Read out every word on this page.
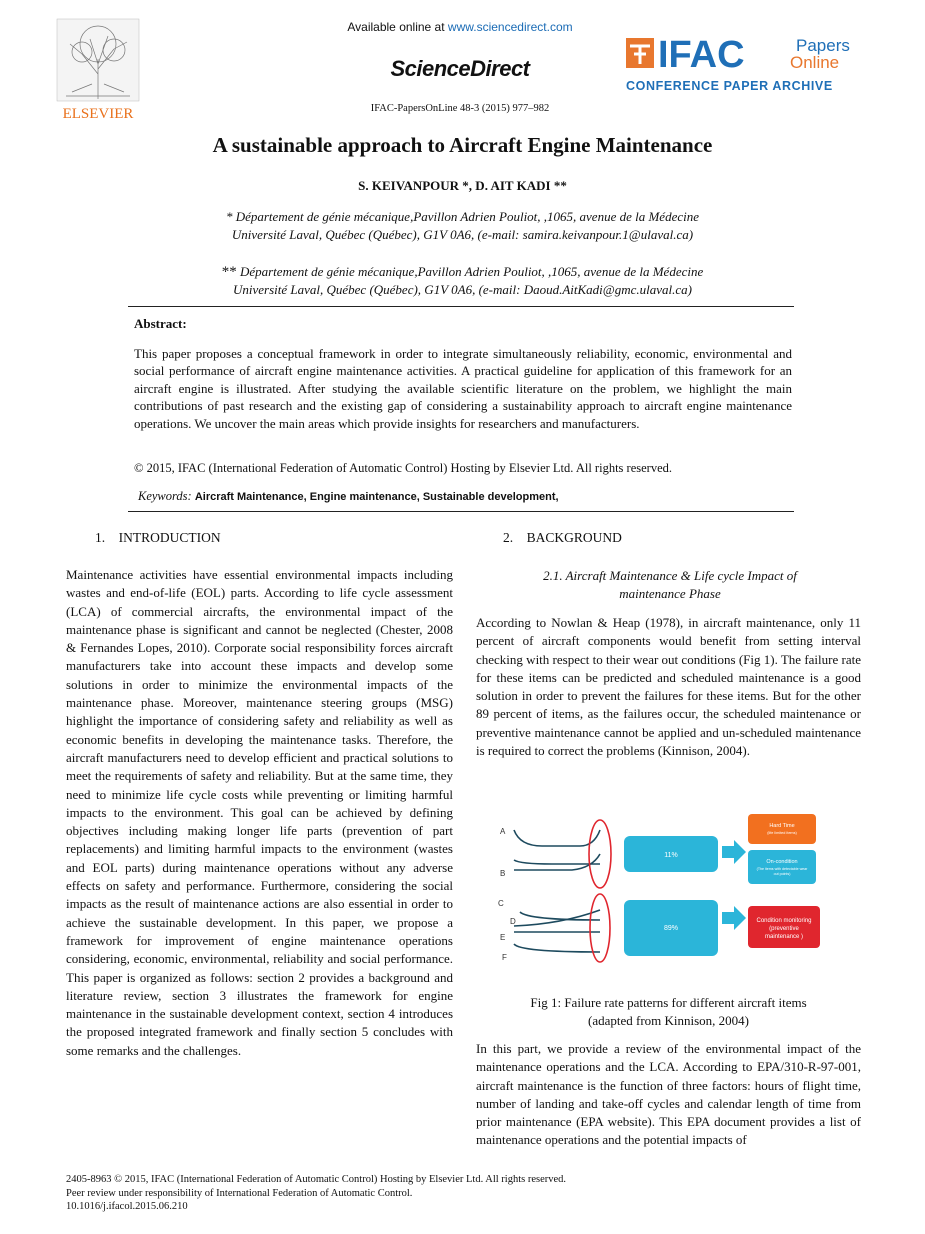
ELSEVIER
Available online at www.sciencedirect.com
ScienceDirect
IFAC-PapersOnLine 48-3 (2015) 977–982
IFAC	Papers
Online
CONFERENCE PAPER ARCHIVE
A sustainable approach to Aircraft Engine Maintenance
S. KEIVANPOUR *, D. AIT KADI **
* Département de génie mécanique,Pavillon Adrien Pouliot, ,1065, avenue de la Médecine
Université Laval, Québec (Québec), G1V 0A6, (e-mail: samira.keivanpour.1@ulaval.ca)
** Département de génie mécanique,Pavillon Adrien Pouliot, ,1065, avenue de la Médecine
Université Laval, Québec (Québec), G1V 0A6, (e-mail: Daoud.AitKadi@gmc.ulaval.ca)
Abstract:
This paper proposes a conceptual framework in order to integrate simultaneously reliability, economic, environmental and social performance of aircraft engine maintenance activities. A practical guideline for application of this framework for an aircraft engine is illustrated. After studying the available scientific literature on the problem, we highlight the main contributions of past research and the existing gap of considering a sustainability approach to aircraft engine maintenance operations. We uncover the main areas which provide insights for researchers and manufacturers.
© 2015, IFAC (International Federation of Automatic Control) Hosting by Elsevier Ltd. All rights reserved.
Keywords: Aircraft Maintenance, Engine maintenance, Sustainable development,
1.    INTRODUCTION
Maintenance activities have essential environmental impacts including wastes and end-of-life (EOL) parts. According to life cycle assessment (LCA) of commercial aircrafts, the environmental impact of the maintenance phase is significant and cannot be neglected (Chester, 2008 & Fernandes Lopes, 2010). Corporate social responsibility forces aircraft manufacturers take into account these impacts and develop some solutions in order to minimize the environmental impacts of the maintenance phase. Moreover, maintenance steering groups (MSG) highlight the importance of considering safety and reliability as well as economic benefits in developing the maintenance tasks. Therefore, the aircraft manufacturers need to develop efficient and practical solutions to meet the requirements of safety and reliability. But at the same time, they need to minimize life cycle costs while preventing or limiting harmful impacts to the environment. This goal can be achieved by defining objectives including making longer life parts (prevention of part replacements) and limiting harmful impacts to the environment (wastes and EOL parts) during maintenance operations without any adverse effects on safety and performance. Furthermore, considering the social impacts as the result of maintenance actions are also essential in order to achieve the sustainable development. In this paper, we propose a framework for improvement of engine maintenance operations considering, economic, environmental, reliability and social performance. This paper is organized as follows: section 2 provides a background and literature review, section 3 illustrates the framework for engine maintenance in the sustainable development context, section 4 introduces the proposed integrated framework and finally section 5 concludes with some remarks and the challenges.
2.    BACKGROUND
2.1. Aircraft Maintenance & Life cycle Impact of
maintenance Phase
According to Nowlan & Heap (1978), in aircraft maintenance, only 11 percent of aircraft components would benefit from setting interval checking with respect to their wear out conditions (Fig 1). The failure rate for these items can be predicted and scheduled maintenance is a good solution in order to prevent the failures for these items. But for the other 89 percent of items, as the failures occur, the scheduled maintenance or preventive maintenance cannot be applied and un-scheduled maintenance is required to correct the problems (Kinnison, 2004).
A
B
C
D
E
F
11%
89%
Hard Time
(life limited items)
On-condition
(The items with detectable wear
out points)
Condition monitoring
(preventive
maintenance )
Fig 1: Failure rate patterns for different aircraft items
(adapted from Kinnison, 2004)
In this part, we provide a review of the environmental impact of the maintenance operations and the LCA. According to EPA/310-R-97-001, aircraft maintenance is the function of three factors: hours of flight time, number of landing and take-off cycles and calendar length of time from prior maintenance (EPA website). This EPA document provides a list of maintenance operations and the potential impacts of
2405-8963 © 2015, IFAC (International Federation of Automatic Control) Hosting by Elsevier Ltd. All rights reserved.
Peer review under responsibility of International Federation of Automatic Control.
10.1016/j.ifacol.2015.06.210
